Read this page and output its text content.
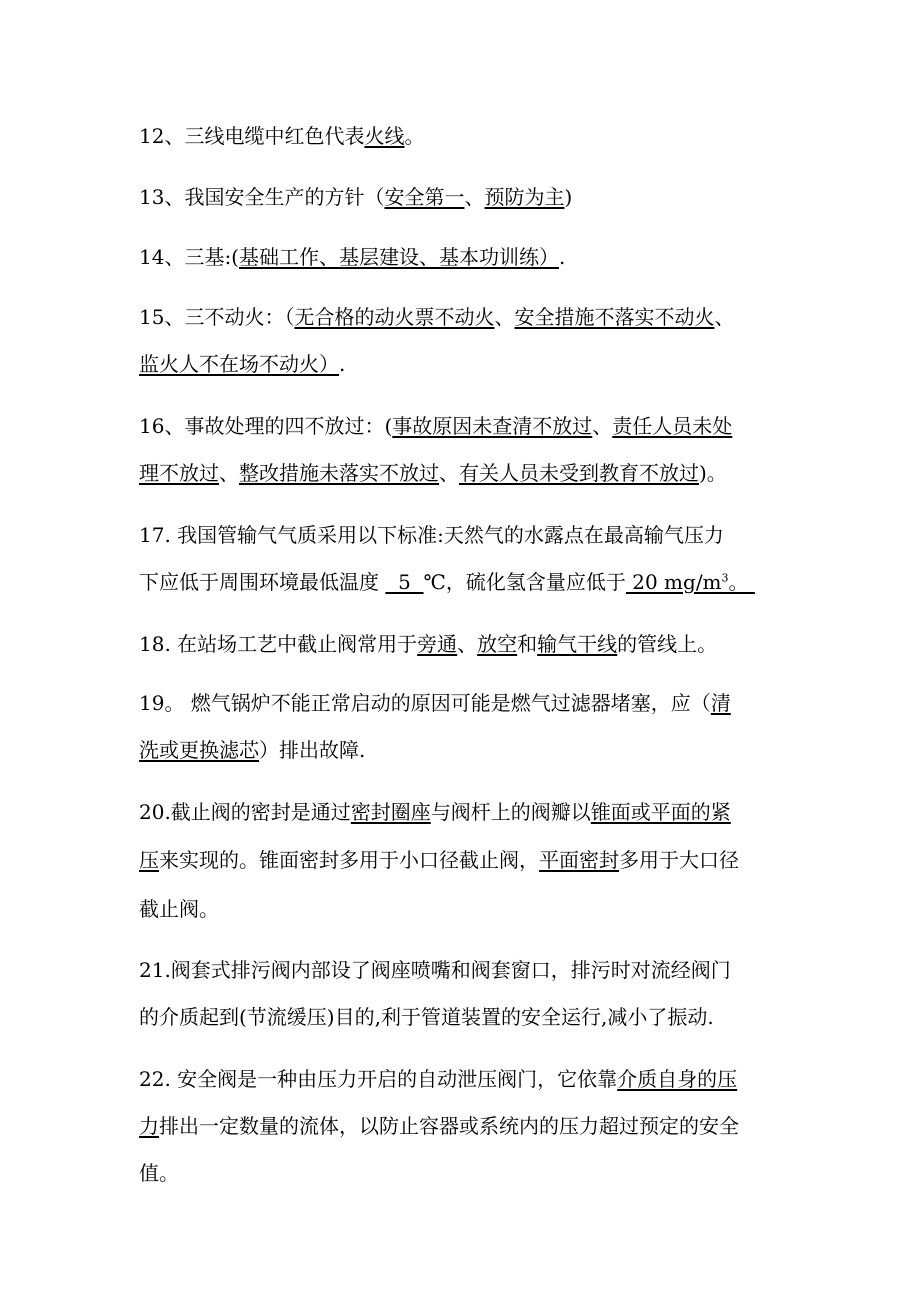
12、三线电缆中红色代表火线。
13、我国安全生产的方针（安全第一、预防为主)
14、三基:(基础工作、基层建设、基本功训练）.
15、三不动火：（无合格的动火票不动火、安全措施不落实不动火、
监火人不在场不动火）.
16、事故处理的四不放过：(事故原因未查清不放过、责任人员未处
理不放过、整改措施未落实不放过、有关人员未受到教育不放过)。
17. 我国管输气气质采用以下标准:天然气的水露点在最高输气压力
下应低于周围环境最低温度   5  ℃，硫化氢含量应低于 20 $mg/m^3$。
18. 在站场工艺中截止阀常用于旁通、放空和输气干线的管线上。
19。 燃气锅炉不能正常启动的原因可能是燃气过滤器堵塞，应（清
洗或更换滤芯）排出故障.
20.截止阀的密封是通过密封圈座与阀杆上的阀瓣以锥面或平面的紧
压来实现的。锥面密封多用于小口径截止阀，平面密封多用于大口径
截止阀。
21.阀套式排污阀内部设了阀座喷嘴和阀套窗口，排污时对流经阀门
的介质起到(节流缓压)目的,利于管道装置的安全运行,减小了振动.
22. 安全阀是一种由压力开启的自动泄压阀门，它依靠介质自身的压
力排出一定数量的流体，以防止容器或系统内的压力超过预定的安全
值。
